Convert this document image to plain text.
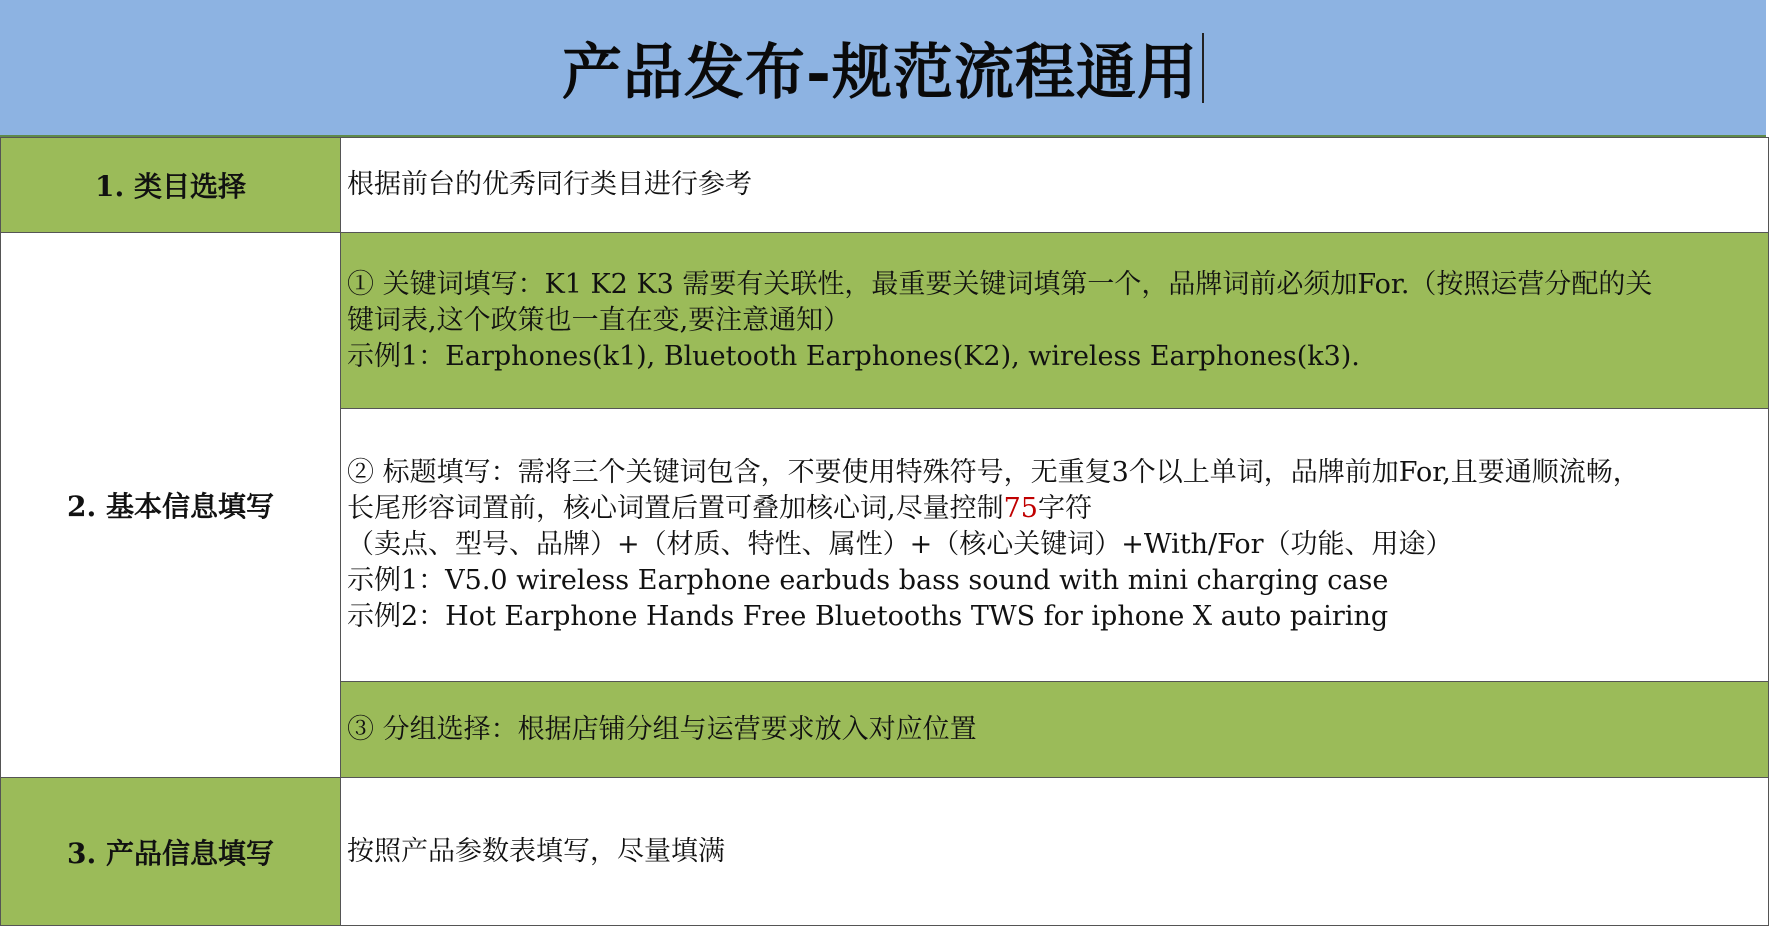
产品发布-规范流程通用
1. 类目选择	根据前台的优秀同行类目进行参考
2. 基本信息填写
① 关键词填写：K1 K2 K3 需要有关联性，最重要关键词填第一个，品牌词前必须加For.（按照运营分配的关
键词表,这个政策也一直在变,要注意通知）
示例1：Earphones(k1), Bluetooth Earphones(K2), wireless Earphones(k3).
② 标题填写：需将三个关键词包含，不要使用特殊符号，无重复3个以上单词，品牌前加For,且要通顺流畅，
长尾形容词置前，核心词置后置可叠加核心词,尽量控制75字符
（卖点、型号、品牌）+（材质、特性、属性）+（核心关键词）+With/For（功能、用途）
示例1：V5.0 wireless Earphone earbuds bass sound with mini charging case
示例2：Hot Earphone Hands Free Bluetooths TWS for iphone X auto pairing
③ 分组选择：根据店铺分组与运营要求放入对应位置
3. 产品信息填写	按照产品参数表填写，尽量填满
